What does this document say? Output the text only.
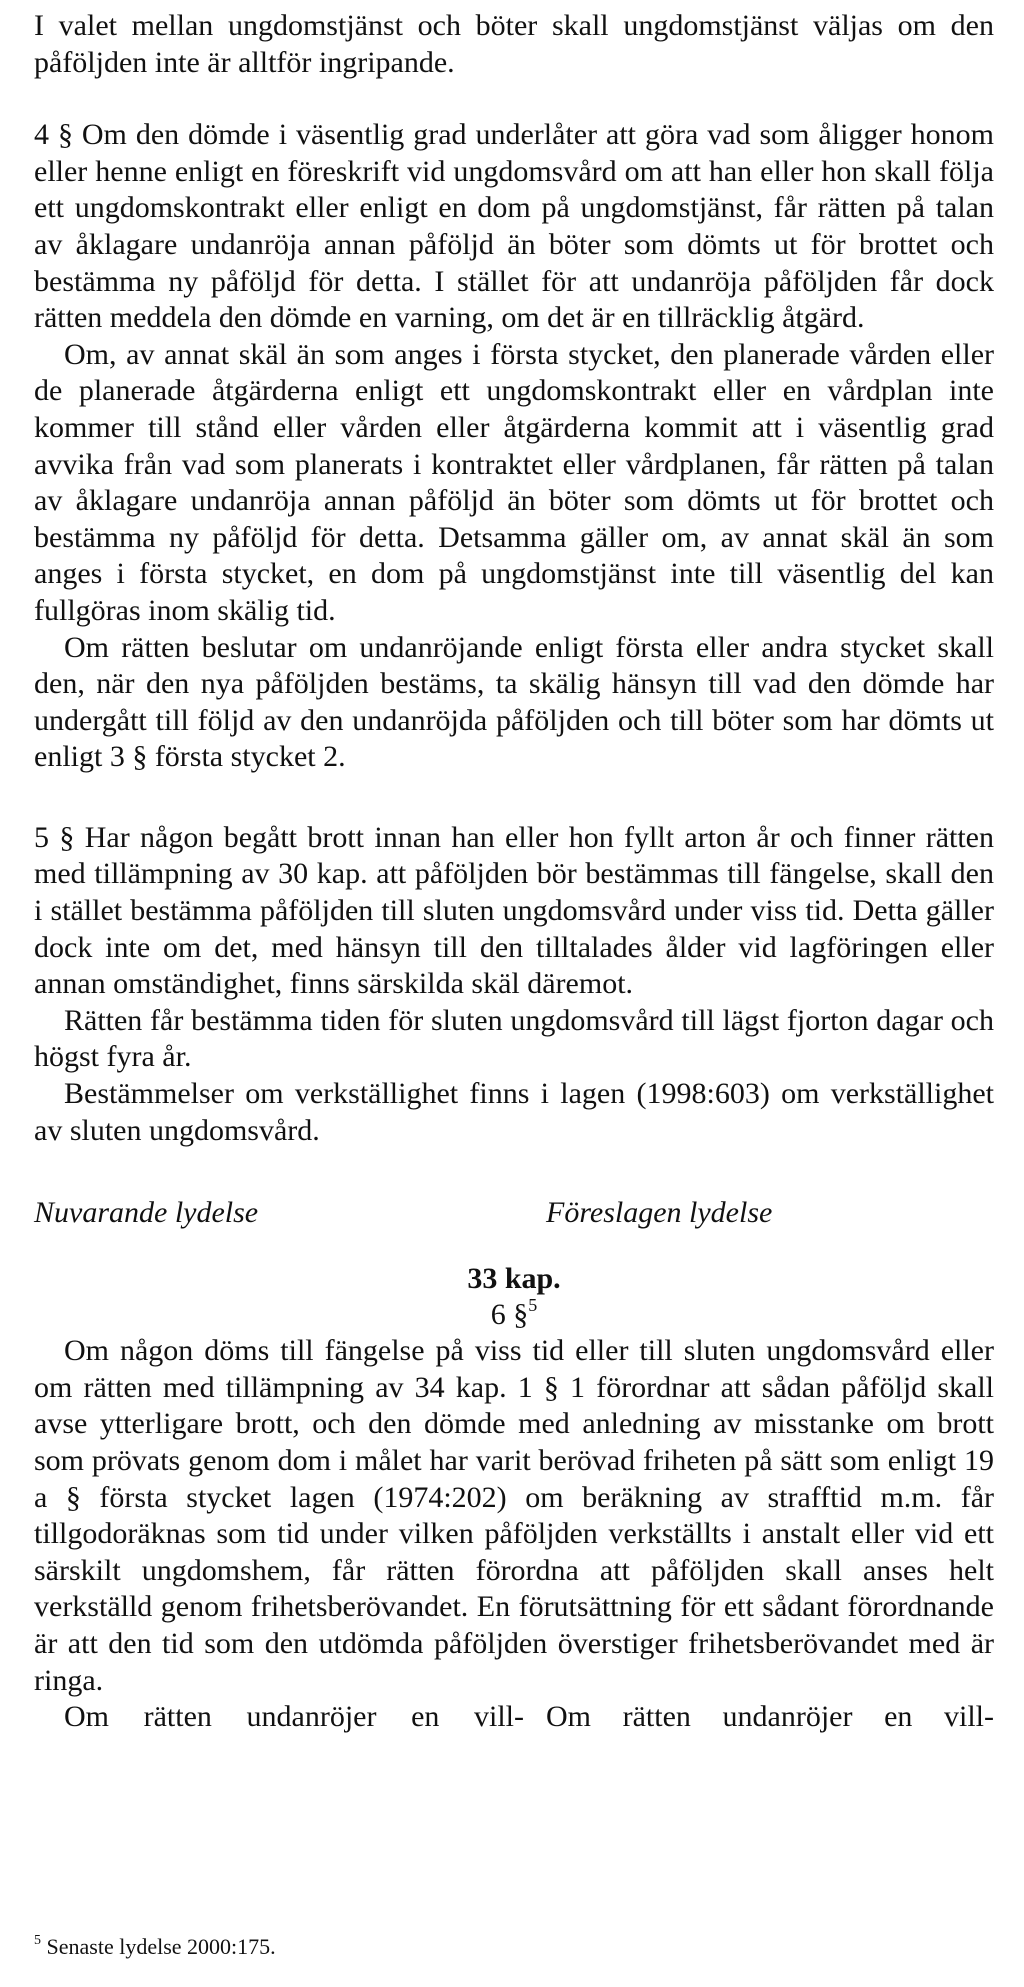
I valet mellan ungdomstjänst och böter skall ungdomstjänst väljas om den påföljden inte är alltför ingripande.

4 § Om den dömde i väsentlig grad underlåter att göra vad som åligger honom eller henne enligt en föreskrift vid ungdomsvård om att han eller hon skall följa ett ungdomskontrakt eller enligt en dom på ungdomstjänst, får rätten på talan av åklagare undanröja annan påföljd än böter som dömts ut för brottet och bestämma ny påföljd för detta. I stället för att undanröja påföljden får dock rätten meddela den dömde en varning, om det är en tillräcklig åtgärd.

Om, av annat skäl än som anges i första stycket, den planerade vården eller de planerade åtgärderna enligt ett ungdomskontrakt eller en vårdplan inte kommer till stånd eller vården eller åtgärderna kommit att i väsentlig grad avvika från vad som planerats i kontraktet eller vårdplanen, får rätten på talan av åklagare undanröja annan påföljd än böter som dömts ut för brottet och bestämma ny påföljd för detta. Detsamma gäller om, av annat skäl än som anges i första stycket, en dom på ungdomstjänst inte till väsentlig del kan fullgöras inom skälig tid.

Om rätten beslutar om undanröjande enligt första eller andra stycket skall den, när den nya påföljden bestäms, ta skälig hänsyn till vad den dömde har undergått till följd av den undanröjda påföljden och till böter som har dömts ut enligt 3 § första stycket 2.

5 § Har någon begått brott innan han eller hon fyllt arton år och finner rätten med tillämpning av 30 kap. att påföljden bör bestämmas till fängelse, skall den i stället bestämma påföljden till sluten ungdomsvård under viss tid. Detta gäller dock inte om det, med hänsyn till den tilltalades ålder vid lagföringen eller annan omständighet, finns särskilda skäl däremot.

Rätten får bestämma tiden för sluten ungdomsvård till lägst fjorton dagar och högst fyra år.

Bestämmelser om verkställighet finns i lagen (1998:603) om verkställighet av sluten ungdomsvård.

Nuvarande lydelse	Föreslagen lydelse
33 kap.
6 §$^5$

Om någon döms till fängelse på viss tid eller till sluten ungdomsvård eller om rätten med tillämpning av 34 kap. 1 § 1 förordnar att sådan påföljd skall avse ytterligare brott, och den dömde med anledning av misstanke om brott som prövats genom dom i målet har varit berövad friheten på sätt som enligt 19 a § första stycket lagen (1974:202) om beräkning av strafftid m.m. får tillgodoräknas som tid under vilken påföljden verkställts i anstalt eller vid ett särskilt ungdomshem, får rätten förordna att påföljden skall anses helt verkställd genom frihetsberövandet. En förutsättning för ett sådant förordnande är att den tid som den utdömda påföljden överstiger frihetsberövandet med är ringa.

Om rätten undanröjer en vill- Om rätten undanröjer en vill-
$^5$ Senaste lydelse 2000:175.
